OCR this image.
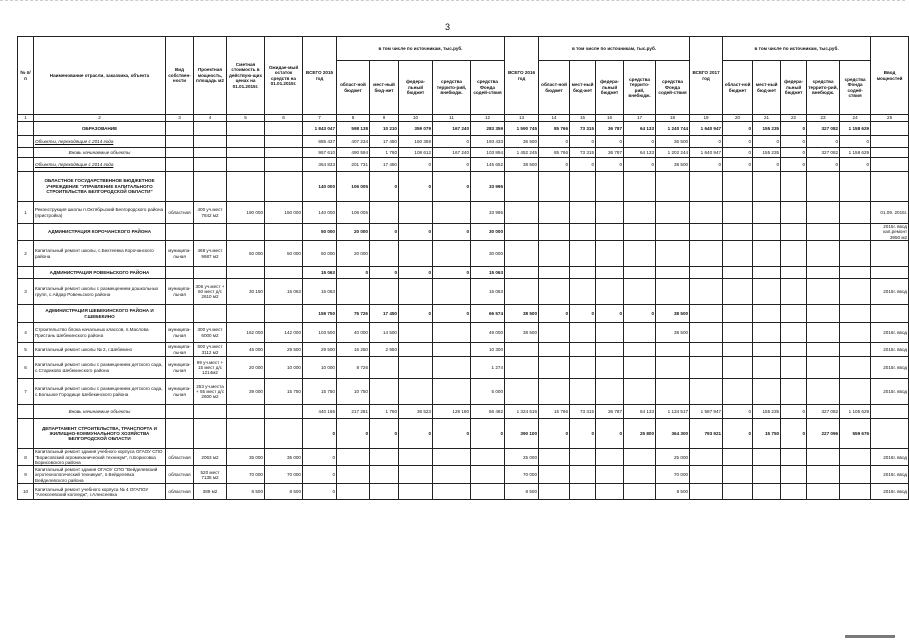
3
№ п/п	Наименование отрасли, заказчика, объекта	Вид собствен-ности	Проектная мощность, площадь м2	Сметная стоимость в действую-щих ценах на 01.01.2015г.	Ожидае-мый остаток средств на 01.01.2015г.	ВСЕГО 2015 год	в том числе по источникам, тыс.руб.					ВСЕГО 2016 год	в том числе по источникам, тыс.руб.					ВСЕГО 2017 год	в том числе по источникам, тыс.руб.					Ввод мощностей
							област-ной бюджет	мест-ный бюд-жет	федера-льный бюджет	средства террито-рий, внебюдж.	средства Фонда содей-ствия		област-ной бюджет	мест-ный бюд-жет	федера-льный бюджет	средства террито-рий, внебюдж.	средства Фонда содей-ствия		област-ной бюджет	мест-ный бюд-жет	федера-льный бюджет	средства террито-рий, внебюдж.	средства Фонда содей-ствия	
1	2	3	4	5	6	7	8	9	10	11	12	13	14	15	16	17	18	19	20	21	22	23	24	25
	ОБРАЗОВАНИЕ					1 843 047	598 138	10 210	359 079	167 240	283 359	1 590 745	85 766	73 315	36 787	64 133	1 240 744	1 640 947	0	155 235	0	327 082	1 158 629	
	Объекты, переходящие с 2014 года					885 437	407 234	17 450	150 358	0	193 433	36 500	0	0	0	0	36 500	0	0	0	0	0	0	
	Вновь начинаемые объекты					957 610	490 594	1 760	108 612	167 240	103 894	1 452 245	85 766	73 315	36 787	64 133	1 202 244	1 640 947	0	155 235	0	327 082	1 158 629	
	Объекты, переходящие с 2014 года					364 833	201 731	17 450	0	0	145 652	38 500	0	0	0	0	38 500	0	0	0	0	0	0	
	ОБЛАСТНОЕ ГОСУДАРСТВЕННОЕ БЮДЖЕТНОЕ УЧРЕЖДЕНИЕ "УПРАВЛЕНИЕ КАПИТАЛЬНОГО СТРОИТЕЛЬСТВА БЕЛГОРОДСКОЙ ОБЛАСТИ"					140 000	106 005	0	0	0	33 995													
1	Реконструкция школы п.Октябрьский Белгородского района (пристройка)	областная	400 уч.мест 7842 м2	190 000	150 000	140 000	106 005				33 995													01.09. 2015г.
	АДМИНИСТРАЦИЯ КОРОЧАНСКОГО РАЙОНА					50 000	20 000	0	0	0	30 000													2015г. ввод кап.ремонт 3950 м2
2	Капитальный ремонт школы, с.Бехтеевка Корочанского района	муниципа-льная	468 уч.мест 9687 м2	50 000	50 000	50 000	20 000				30 000													
	АДМИНИСТРАЦИЯ РОВЕНЬСКОГО РАЙОНА					15 063	0	0	0	0	15 063													
3	Капитальный ремонт школы с размещением дошкольных групп, с.Айдар Ровеньского района	муниципа-льная	306 уч.мест + 60 мест д/с 2610 м2	30 150	15 063	15 063					15 063													2015г. ввод
	АДМИНИСТРАЦИЯ ШЕБЕКИНСКОГО РАЙОНА И Г.ШЕБЕКИНО					159 750	75 726	17 450	0	0	66 574	38 500	0	0	0	0	38 500							
4	Строительство блока начальных классов, п.Маслова Пристань Шебекинского района	муниципа-льная	300 уч.мест 6000 м2	162 000	142 000	103 500	40 000	14 500			49 000	38 500					38 500							2016г. ввод
5	Капитальный ремонт школы № 2, г.Шебекино	муниципа-льная	500 уч.мест 3112 м2	45 000	29 500	29 500	16 250	2 950			10 300													2015г. ввод
6	Капитальный ремонт школы с размещением детского сада, с.Стариково Шебекинского района	муниципа-льная	99 уч.мест + 15 мест д/с 1214м2	20 000	10 000	10 000	8 726				1 274													2015г. ввод
7	Капитальный ремонт школы с размещением детского сада, с.Большое Городище Шебекинского района	муниципа-льная	253 уч.места + 55 мест д/с 2600 м2	39 000	15 750	15 750	10 750				5 000													2015г. ввод
	Вновь начинаемые объекты					440 165	217 281	1 760	36 523	128 180	56 482	1 324 516	15 766	73 315	36 787	64 133	1 134 517	1 587 947	0	155 235	0	327 082	1 105 629	
	ДЕПАРТАМЕНТ СТРОИТЕЛЬСТВА, ТРАНСПОРТА И ЖИЛИЩНО-КОММУНАЛЬНОГО ХОЗЯЙСТВА БЕЛГОРОДСКОЙ ОБЛАСТИ					0	0	0	0	0	0	390 100	0	0	0	25 800	364 300	793 921	0	15 750	0	227 096	559 676	
8	Капитальный ремонт здания учебного корпуса ОГАОУ СПО "Борисовский агромеханический техникум", п.Борисовка Борисовского района	областная	2063 м2	35 000	35 000	0						25 000					25 000							2016г. ввод
9	Капитальный ремонт здания ОГАОУ СПО "Вейделевский агротехнологический техникум", п.Вейделевка Вейделевского района	областная	520 мест 7135 м2	70 000	70 000	0						70 000					70 000							2016г. ввод
10	Капитальный ремонт учебного корпуса № 4 ОГАПОУ "Алексеевский колледж", г.Алексеевка	областная	389 м2	8 500	8 500	0						8 500					8 500							2016г. ввод
